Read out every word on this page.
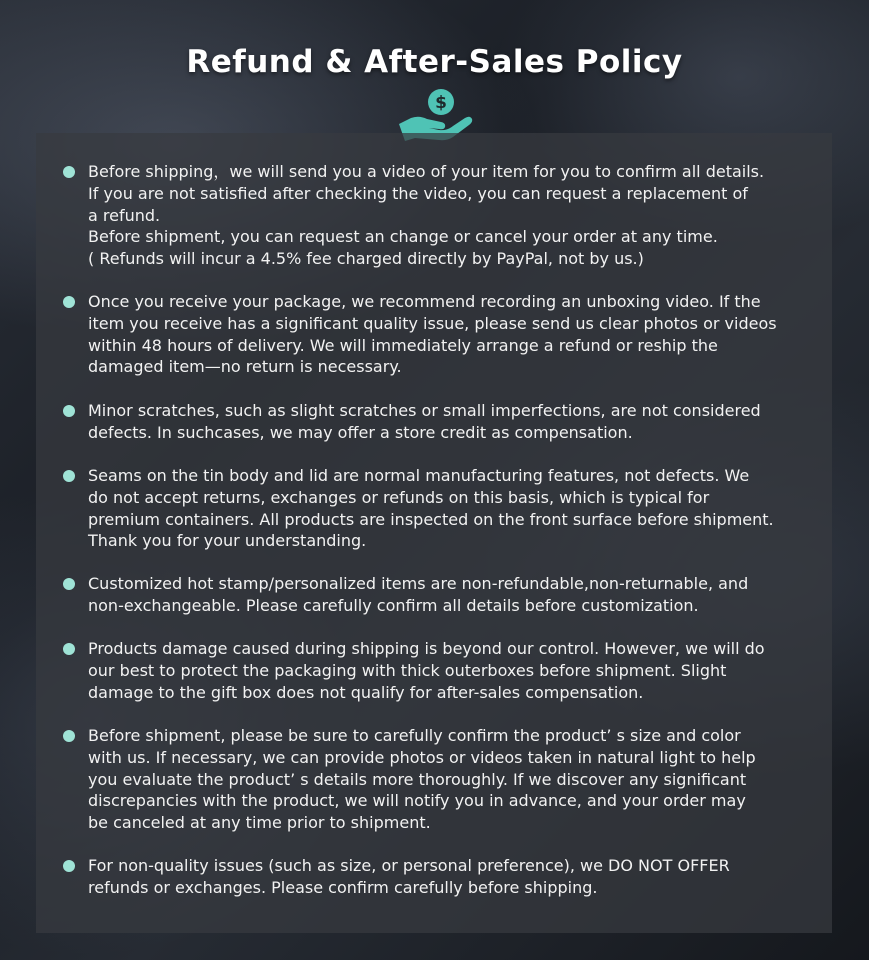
Refund & After-Sales Policy
$
Before shipping，we will send you a video of your item for you to confirm all details.
If you are not satisfied after checking the video, you can request a replacement of
a refund.
Before shipment, you can request an change or cancel your order at any time.
( Refunds will incur a 4.5% fee charged directly by PayPal, not by us.)
Once you receive your package, we recommend recording an unboxing video. If the
item you receive has a significant quality issue, please send us clear photos or videos
within 48 hours of delivery. We will immediately arrange a refund or reship the
damaged item—no return is necessary.
Minor scratches, such as slight scratches or small imperfections, are not considered
defects. In suchcases, we may offer a store credit as compensation.
Seams on the tin body and lid are normal manufacturing features, not defects. We
do not accept returns, exchanges or refunds on this basis, which is typical for
premium containers. All products are inspected on the front surface before shipment.
Thank you for your understanding.
Customized hot stamp/personalized items are non-refundable,non-returnable, and
non-exchangeable. Please carefully confirm all details before customization.
Products damage caused during shipping is beyond our control. However, we will do
our best to protect the packaging with thick outerboxes before shipment. Slight
damage to the gift box does not qualify for after-sales compensation.
Before shipment, please be sure to carefully confirm the product’ s size and color
with us. If necessary, we can provide photos or videos taken in natural light to help
you evaluate the product’ s details more thoroughly. If we discover any significant
discrepancies with the product, we will notify you in advance, and your order may
be canceled at any time prior to shipment.
For non-quality issues (such as size, or personal preference), we DO NOT OFFER
refunds or exchanges. Please confirm carefully before shipping.
